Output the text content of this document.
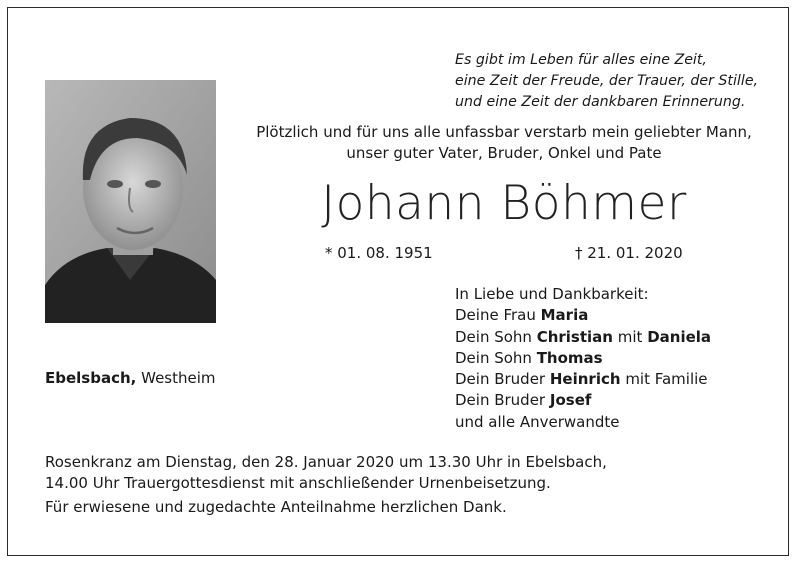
Es gibt im Leben für alles eine Zeit,
eine Zeit der Freude, der Trauer, der Stille,
und eine Zeit der dankbaren Erinnerung.
Plötzlich und für uns alle unfassbar verstarb mein geliebter Mann,
unser guter Vater, Bruder, Onkel und Pate
Johann Böhmer
* 01. 08. 1951	† 21. 01. 2020
In Liebe und Dankbarkeit:
Deine Frau Maria
Dein Sohn Christian mit Daniela
Dein Sohn Thomas
Dein Bruder Heinrich mit Familie
Dein Bruder Josef
und alle Anverwandte
Ebelsbach, Westheim
Rosenkranz am Dienstag, den 28. Januar 2020 um 13.30 Uhr in Ebelsbach,
14.00 Uhr Trauergottesdienst mit anschließender Urnenbeisetzung.
Für erwiesene und zugedachte Anteilnahme herzlichen Dank.
